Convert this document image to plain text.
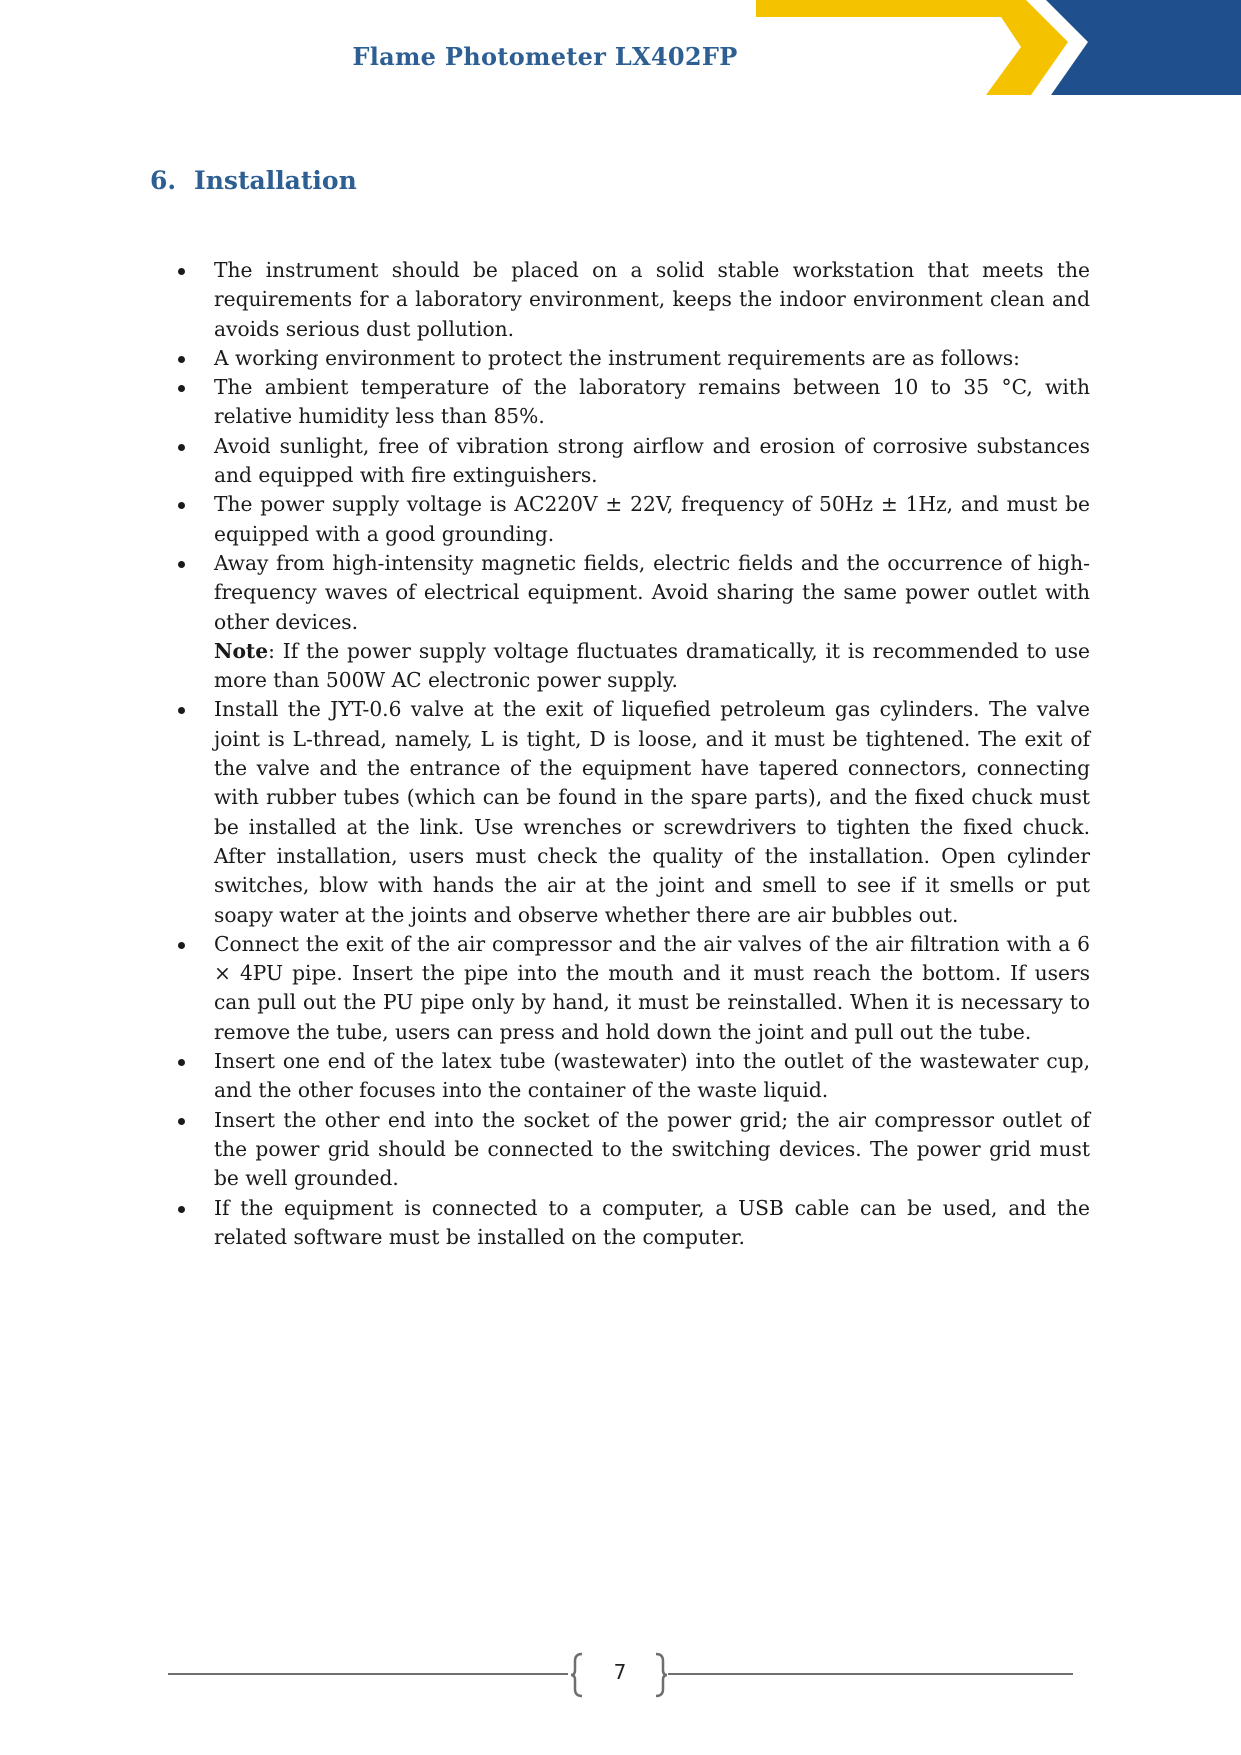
Flame Photometer LX402FP
6. Installation
The instrument should be placed on a solid stable workstation that meets the requirements for a laboratory environment, keeps the indoor environment clean and avoids serious dust pollution.
A working environment to protect the instrument requirements are as follows:
The ambient temperature of the laboratory remains between 10 to 35 °C, with relative humidity less than 85%.
Avoid sunlight, free of vibration strong airflow and erosion of corrosive substances and equipped with fire extinguishers.
The power supply voltage is AC220V ± 22V, frequency of 50Hz ± 1Hz, and must be equipped with a good grounding.
Away from high-intensity magnetic fields, electric fields and the occurrence of high-frequency waves of electrical equipment. Avoid sharing the same power outlet with other devices.
Note: If the power supply voltage fluctuates dramatically, it is recommended to use more than 500W AC electronic power supply.
Install the JYT-0.6 valve at the exit of liquefied petroleum gas cylinders. The valve joint is L-thread, namely, L is tight, D is loose, and it must be tightened. The exit of the valve and the entrance of the equipment have tapered connectors, connecting with rubber tubes (which can be found in the spare parts), and the fixed chuck must be installed at the link. Use wrenches or screwdrivers to tighten the fixed chuck. After installation, users must check the quality of the installation. Open cylinder switches, blow with hands the air at the joint and smell to see if it smells or put soapy water at the joints and observe whether there are air bubbles out.
Connect the exit of the air compressor and the air valves of the air filtration with a 6 × 4PU pipe. Insert the pipe into the mouth and it must reach the bottom. If users can pull out the PU pipe only by hand, it must be reinstalled. When it is necessary to remove the tube, users can press and hold down the joint and pull out the tube.
Insert one end of the latex tube (wastewater) into the outlet of the wastewater cup, and the other focuses into the container of the waste liquid.
Insert the other end into the socket of the power grid; the air compressor outlet of the power grid should be connected to the switching devices. The power grid must be well grounded.
If the equipment is connected to a computer, a USB cable can be used, and the related software must be installed on the computer.
7
